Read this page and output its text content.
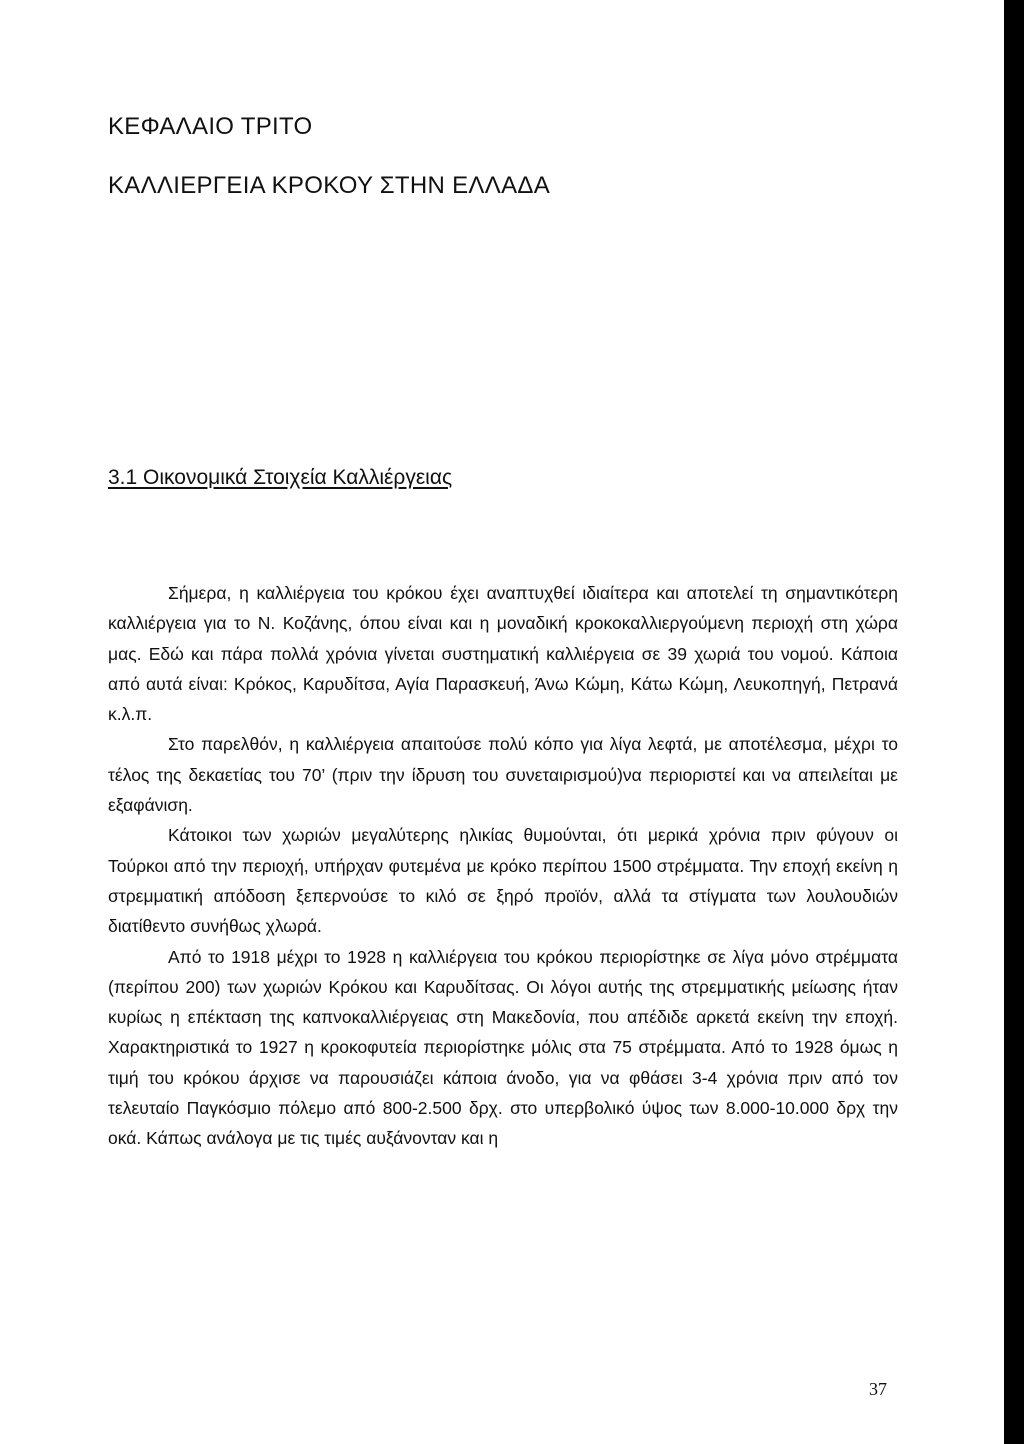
ΚΕΦΑΛΑΙΟ ΤΡΙΤΟ
ΚΑΛΛΙΕΡΓΕΙΑ ΚΡΟΚΟΥ ΣΤΗΝ ΕΛΛΑΔΑ
3.1 Οικονομικά Στοιχεία Καλλιέργειας

Σήμερα, η καλλιέργεια του κρόκου έχει αναπτυχθεί ιδιαίτερα και αποτελεί τη σημαντικότερη καλλιέργεια για το Ν. Κοζάνης, όπου είναι και η μοναδική κροκοκαλλιεργούμενη περιοχή στη χώρα μας. Εδώ και πάρα πολλά χρόνια γίνεται συστηματική καλλιέργεια σε 39 χωριά του νομού. Κάποια από αυτά είναι: Κρόκος, Καρυδίτσα, Αγία Παρασκευή, Άνω Κώμη, Κάτω Κώμη, Λευκοπηγή, Πετρανά κ.λ.π.

Στο παρελθόν, η καλλιέργεια απαιτούσε πολύ κόπο για λίγα λεφτά, με αποτέλεσμα, μέχρι το τέλος της δεκαετίας του 70’ (πριν την ίδρυση του συνεταιρισμού)να περιοριστεί και να απειλείται με εξαφάνιση.

Κάτοικοι των χωριών μεγαλύτερης ηλικίας θυμούνται, ότι μερικά χρόνια πριν φύγουν οι Τούρκοι από την περιοχή, υπήρχαν φυτεμένα με κρόκο περίπου 1500 στρέμματα. Την εποχή εκείνη η στρεμματική απόδοση ξεπερνούσε το κιλό σε ξηρό προϊόν, αλλά τα στίγματα των λουλουδιών διατίθεντο συνήθως χλωρά.

Από το 1918 μέχρι το 1928 η καλλιέργεια του κρόκου περιορίστηκε σε λίγα μόνο στρέμματα (περίπου 200) των χωριών Κρόκου και Καρυδίτσας. Οι λόγοι αυτής της στρεμματικής μείωσης ήταν κυρίως η επέκταση της καπνοκαλλιέργειας στη Μακεδονία, που απέδιδε αρκετά εκείνη την εποχή. Χαρακτηριστικά το 1927 η κροκοφυτεία περιορίστηκε μόλις στα 75 στρέμματα. Από το 1928 όμως η τιμή του κρόκου άρχισε να παρουσιάζει κάποια άνοδο, για να φθάσει 3-4 χρόνια πριν από τον τελευταίο Παγκόσμιο πόλεμο από 800-2.500 δρχ. στο υπερβολικό ύψος των 8.000-10.000 δρχ την οκά. Κάπως ανάλογα με τις τιμές αυξάνονταν και η

37
